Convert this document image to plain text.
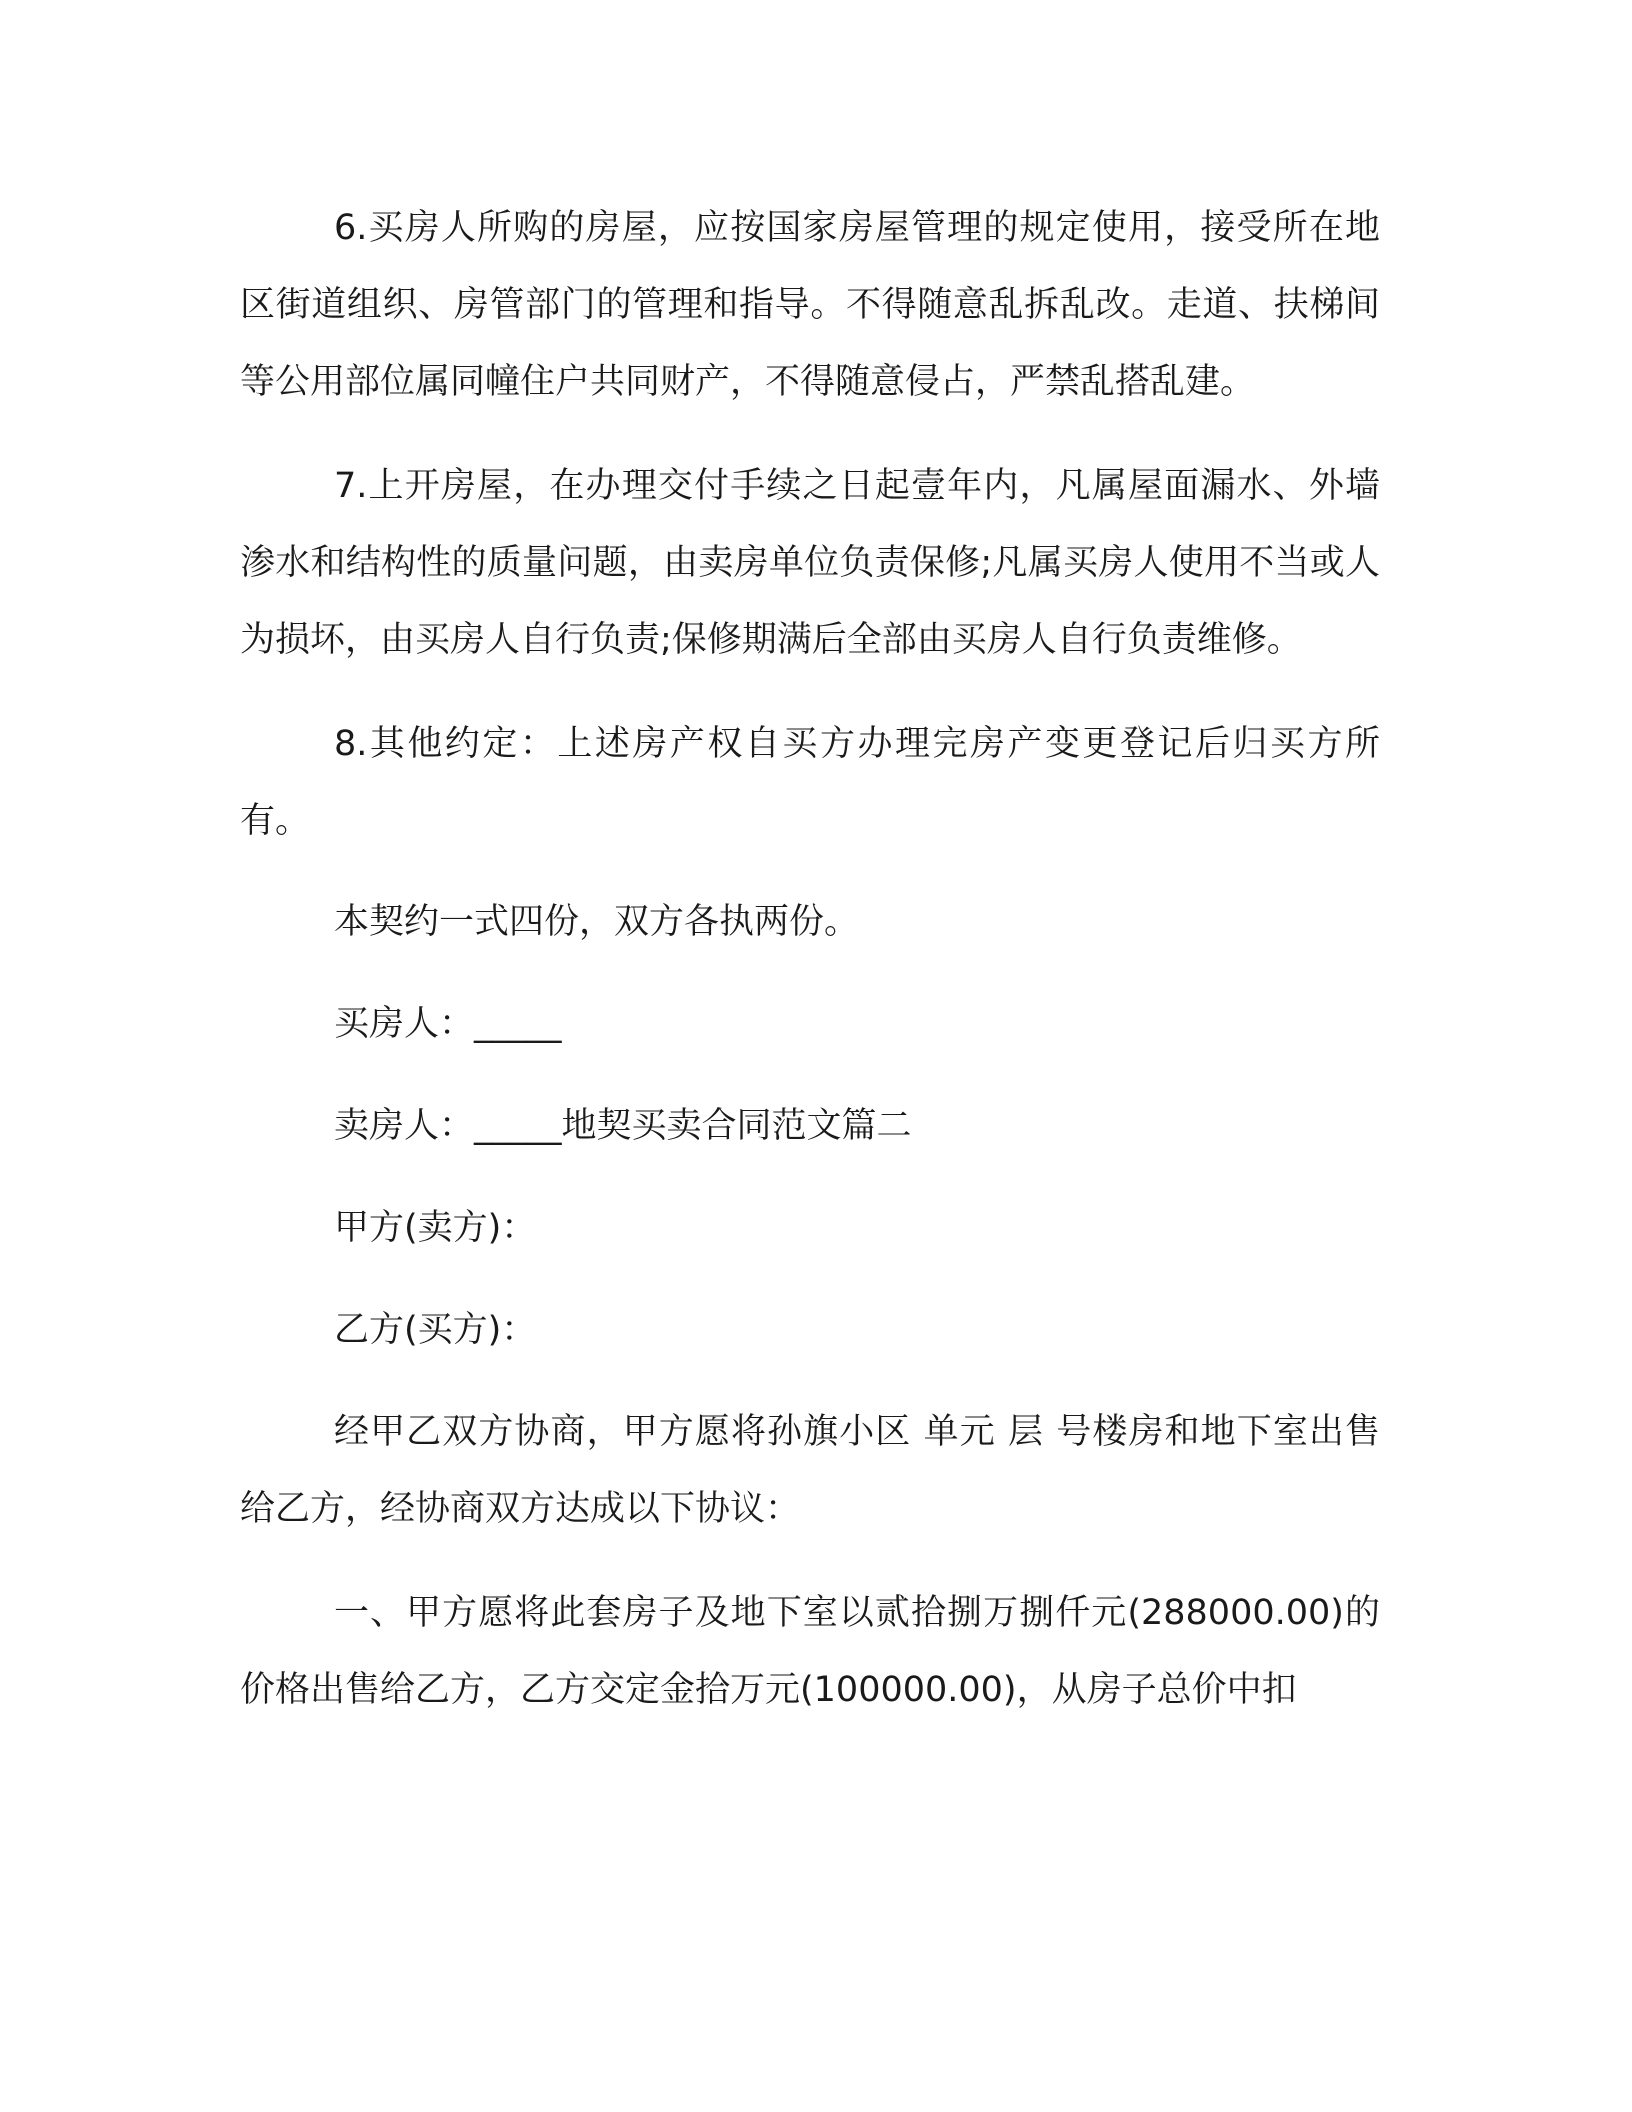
6.买房人所购的房屋，应按国家房屋管理的规定使用，接受所在地区街道组织、房管部门的管理和指导。不得随意乱拆乱改。走道、扶梯间等公用部位属同幢住户共同财产，不得随意侵占，严禁乱搭乱建。

7.上开房屋，在办理交付手续之日起壹年内，凡属屋面漏水、外墙渗水和结构性的质量问题，由卖房单位负责保修;凡属买房人使用不当或人为损坏，由买房人自行负责;保修期满后全部由买房人自行负责维修。

8.其他约定：上述房产权自买方办理完房产变更登记后归买方所有。

本契约一式四份，双方各执两份。

买房人：_____

卖房人：_____地契买卖合同范文篇二

甲方(卖方)：

乙方(买方)：

经甲乙双方协商，甲方愿将孙旗小区 单元 层 号楼房和地下室出售给乙方，经协商双方达成以下协议：

一、甲方愿将此套房子及地下室以贰拾捌万捌仟元(288000.00)的价格出售给乙方，乙方交定金拾万元(100000.00)，从房子总价中扣
